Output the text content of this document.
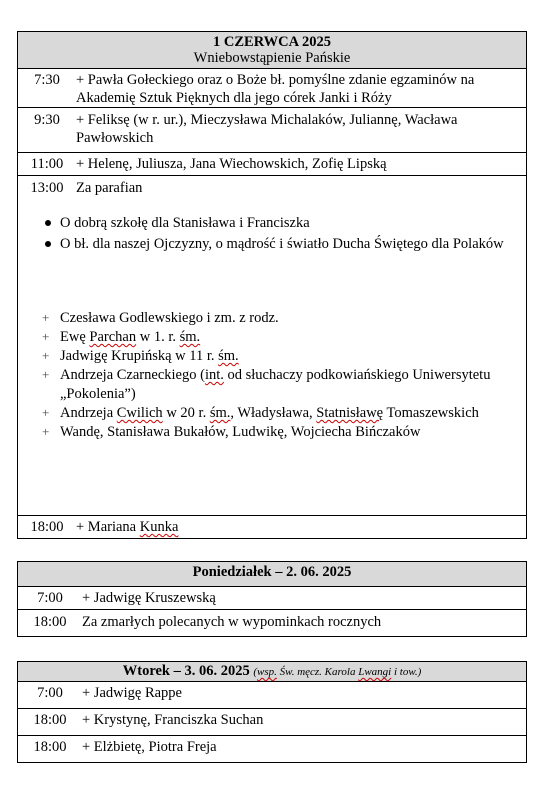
1 CZERWCA 2025
Wniebowstąpienie Pańskie

7:30	+ Pawła Gołeckiego oraz o Boże bł. pomyślne zdanie egzaminów na Akademię Sztuk Pięknych dla jego córek Janki i Róży

9:30	+ Feliksę (w r. ur.), Mieczysława Michalaków, Juliannę, Wacława Pawłowskich

11:00 + Helenę, Juliusza, Jana Wiechowskich, Zofię Lipską

13:00 Za parafian
O dobrą szkołę dla Stanisława i Franciszka
O bł. dla naszej Ojczyzny, o mądrość i światło Ducha Świętego dla Polaków
+ Czesława Godlewskiego i zm. z rodz.
+ Ewę Parchan w 1. r. śm.
+ Jadwigę Krupińską w 11 r. śm.
+ Andrzeja Czarneckiego (int. od słuchaczy podkowiańskiego Uniwersytetu „Pokolenia”)
+ Andrzeja Cwilich w 20 r. śm., Władysława, Statnisławę Tomaszewskich
+ Wandę, Stanisława Bukałów, Ludwikę, Wojciecha Bińczaków

18:00 + Mariana Kunka
Poniedziałek – 2. 06. 2025

7:00	+ Jadwigę Kruszewską

18:00	Za zmarłych polecanych w wypominkach rocznych
Wtorek – 3. 06. 2025 (wsp. Św. męcz. Karola Lwangi i tow.)

7:00	+ Jadwigę Rappe

18:00	+ Krystynę, Franciszka Suchan

18:00	+ Elżbietę, Piotra Freja
